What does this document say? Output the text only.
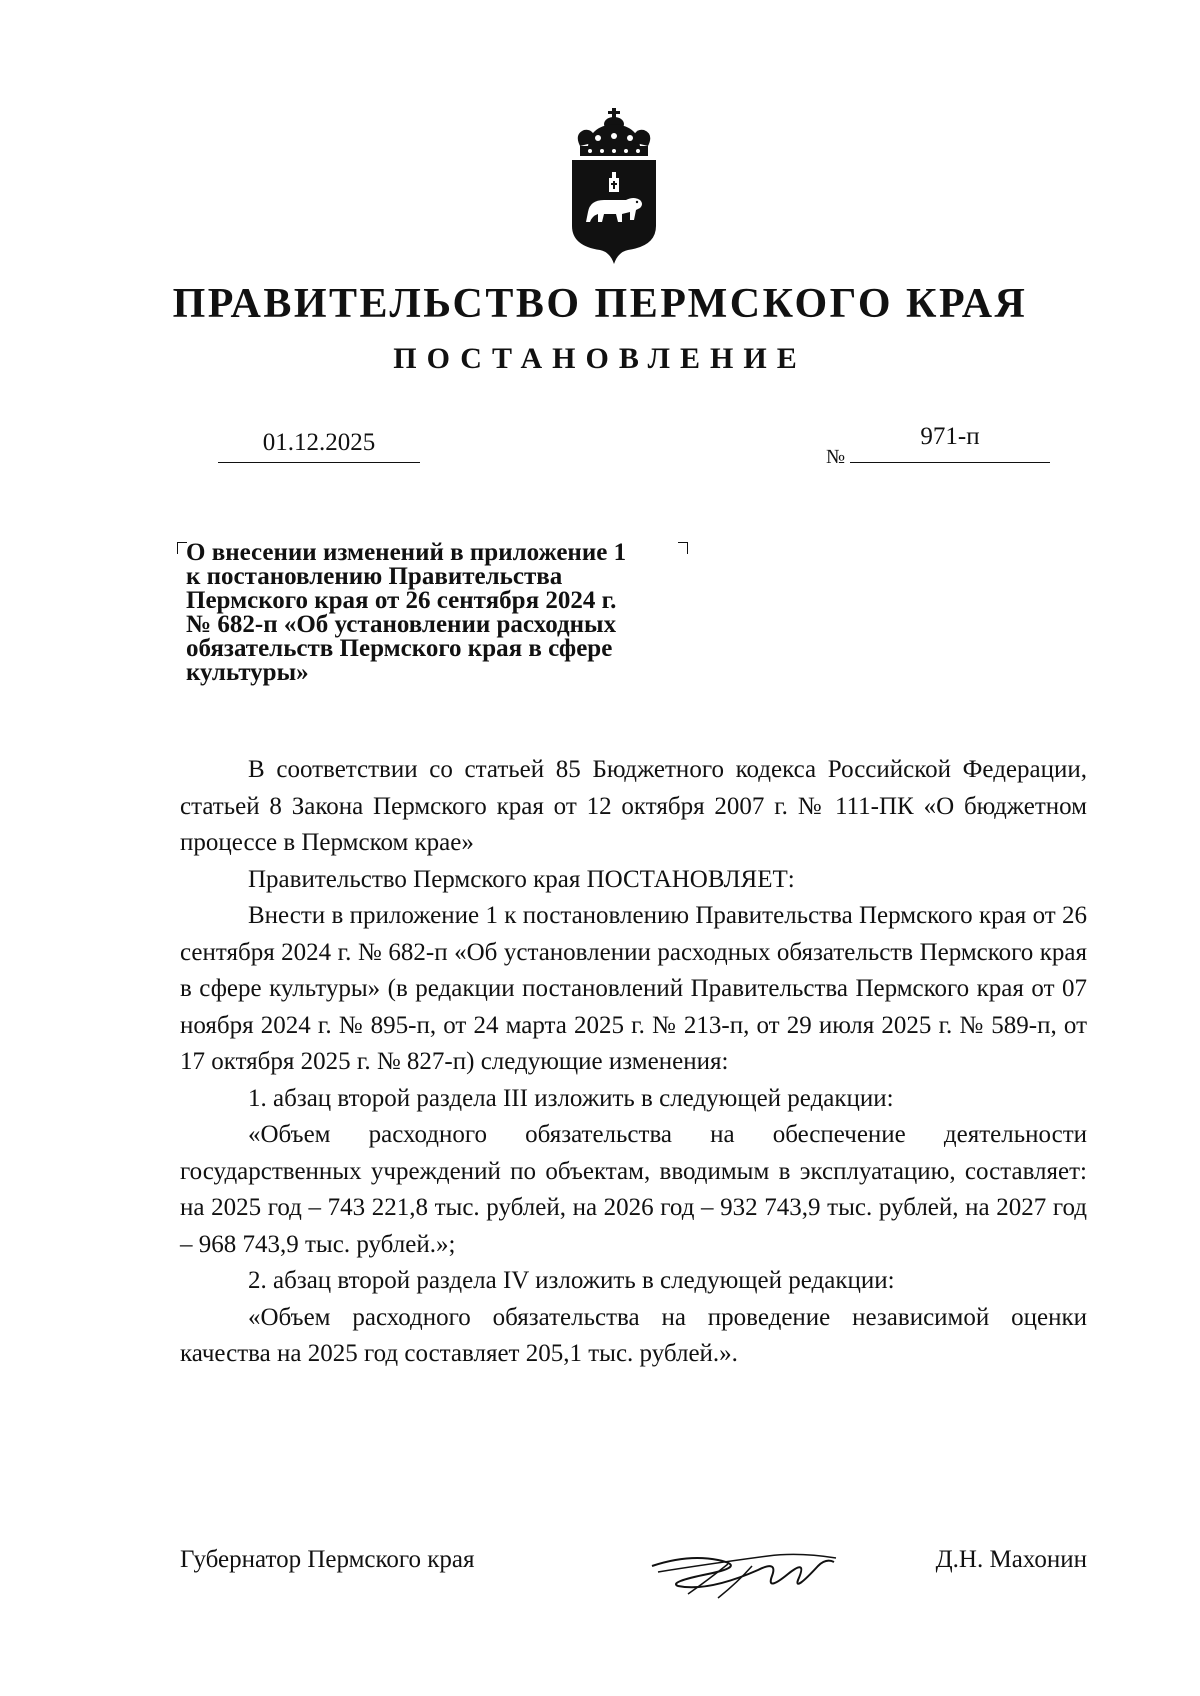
ПРАВИТЕЛЬСТВО ПЕРМСКОГО КРАЯ
ПОСТАНОВЛЕНИЕ
01.12.2025
№
971-п
О внесении изменений в приложение 1
к постановлению Правительства
Пермского края от 26 сентября 2024 г.
№ 682-п «Об установлении расходных
обязательств Пермского края в сфере
культуры»

В соответствии со статьей 85 Бюджетного кодекса Российской Федерации, статьей 8 Закона Пермского края от 12 октября 2007 г. № 111-ПК «О бюджетном процессе в Пермском крае»

Правительство Пермского края ПОСТАНОВЛЯЕТ:

Внести в приложение 1 к постановлению Правительства Пермского края от 26 сентября 2024 г. № 682-п «Об установлении расходных обязательств Пермского края в сфере культуры» (в редакции постановлений Правительства Пермского края от 07 ноября 2024 г. № 895-п, от 24 марта 2025 г. № 213-п, от 29 июля 2025 г. № 589-п, от 17 октября 2025 г. № 827-п) следующие изменения:

1. абзац второй раздела III изложить в следующей редакции:

«Объем расходного обязательства на обеспечение деятельности государственных учреждений по объектам, вводимым в эксплуатацию, составляет: на 2025 год – 743 221,8 тыс. рублей, на 2026 год – 932 743,9 тыс. рублей, на 2027 год – 968 743,9 тыс. рублей.»;

2. абзац второй раздела IV изложить в следующей редакции:

«Объем расходного обязательства на проведение независимой оценки качества на 2025 год составляет 205,1 тыс. рублей.».

Губернатор Пермского края	Д.Н. Махонин
